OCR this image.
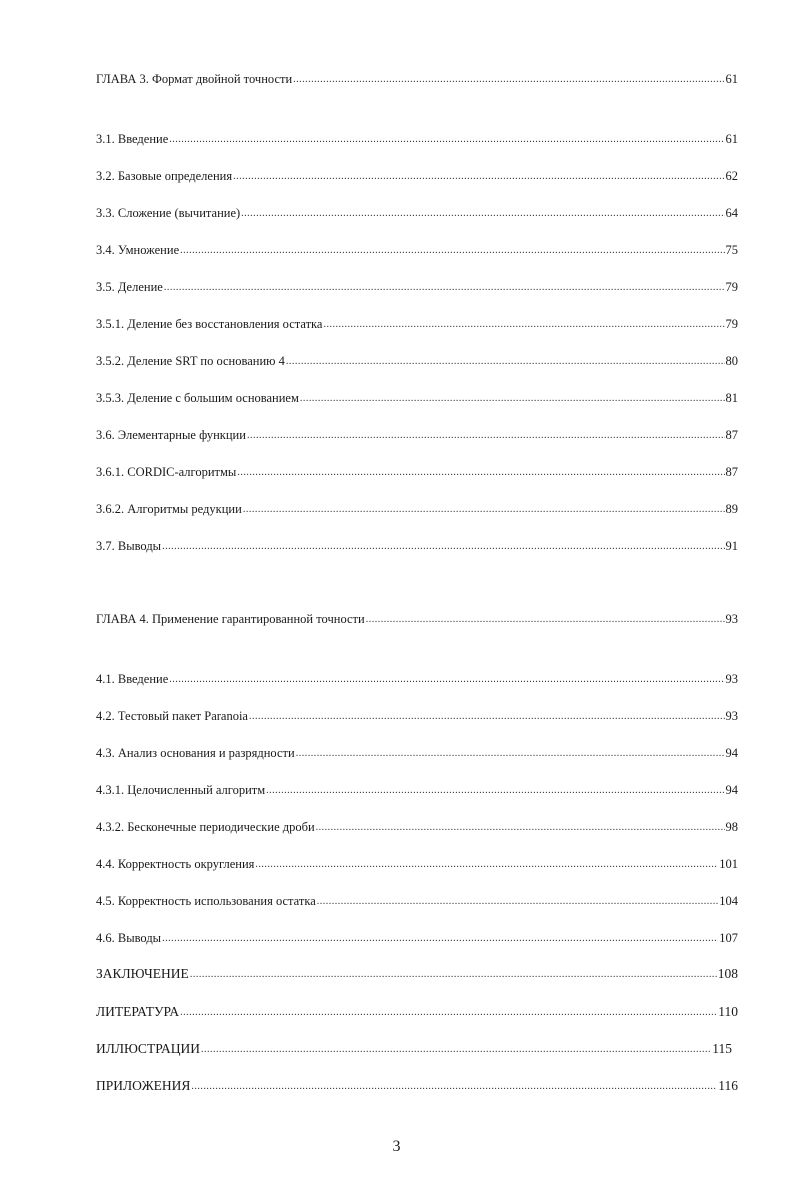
ГЛАВА 3. Формат двойной точности .....	61
3.1. Введение .....	61
3.2. Базовые определения .....	62
3.3. Сложение (вычитание) .....	64
3.4. Умножение .....	75
3.5. Деление .....	79
3.5.1. Деление без восстановления остатка .....	79
3.5.2. Деление SRT по основанию 4 .....	80
3.5.3. Деление с большим основанием .....	81
3.6. Элементарные функции .....	87
3.6.1. CORDIC-алгоритмы .....	87
3.6.2. Алгоритмы редукции .....	89
3.7. Выводы .....	91
ГЛАВА 4. Применение гарантированной точности .....	93
4.1. Введение .....	93
4.2. Тестовый пакет Paranoia .....	93
4.3. Анализ основания и разрядности .....	94
4.3.1. Целочисленный алгоритм .....	94
4.3.2. Бесконечные периодические дроби .....	98
4.4. Корректность округления .....	101
4.5. Корректность использования остатка .....	104
4.6. Выводы .....	107
ЗАКЛЮЧЕНИЕ .....	108
ЛИТЕРАТУРА .....	110
ИЛЛЮСТРАЦИИ .....	115
ПРИЛОЖЕНИЯ .....	116
3
